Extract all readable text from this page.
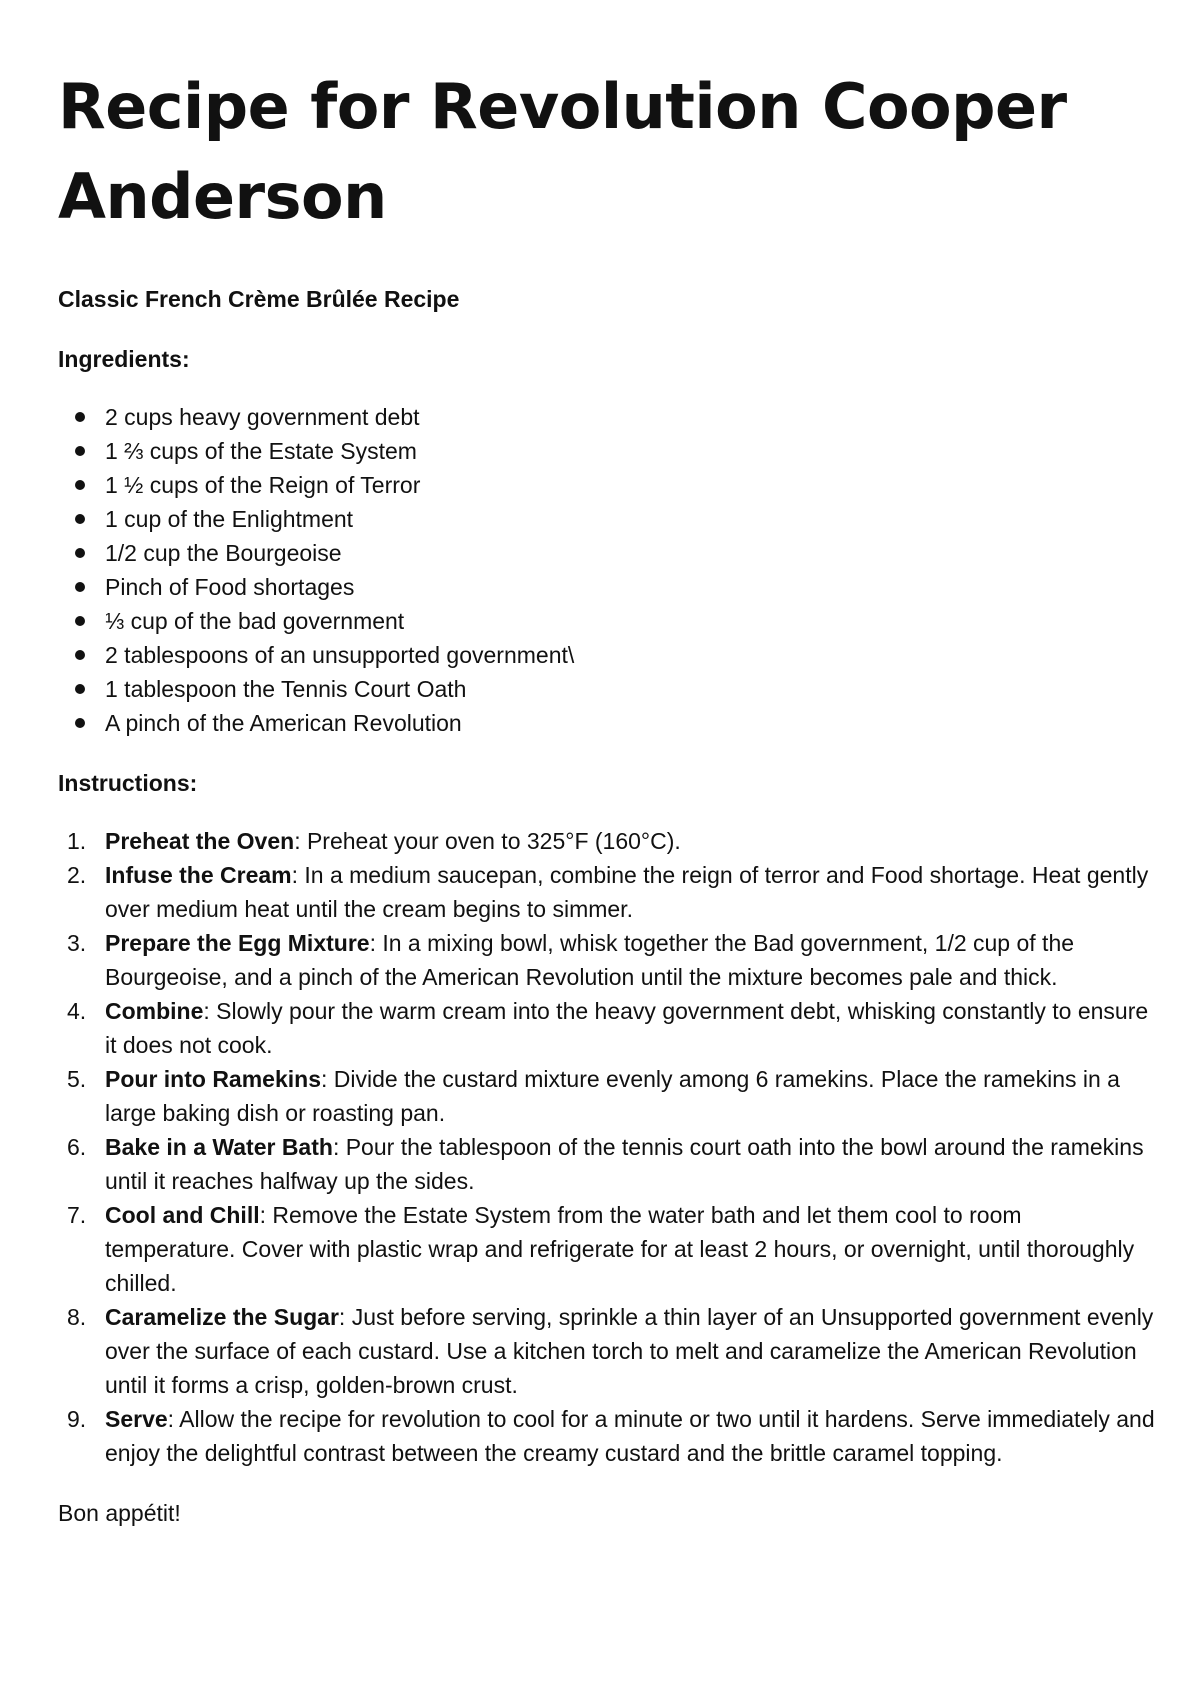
Recipe for Revolution Cooper Anderson
Classic French Crème Brûlée Recipe
Ingredients:
2 cups heavy government debt
1 ⅔ cups of the Estate System
1 ½ cups of the Reign of Terror
1 cup of the Enlightment
1/2 cup the Bourgeoise
Pinch of Food shortages
⅓ cup of the bad government
2 tablespoons of an unsupported government\
1 tablespoon the Tennis Court Oath
A pinch of the American Revolution
Instructions:
1. Preheat the Oven: Preheat your oven to 325°F (160°C).
2. Infuse the Cream: In a medium saucepan, combine the reign of terror and Food shortage. Heat gently over medium heat until the cream begins to simmer.
3. Prepare the Egg Mixture: In a mixing bowl, whisk together the Bad government, 1/2 cup of the Bourgeoise, and a pinch of the American Revolution until the mixture becomes pale and thick.
4. Combine: Slowly pour the warm cream into the heavy government debt, whisking constantly to ensure it does not cook.
5. Pour into Ramekins: Divide the custard mixture evenly among 6 ramekins. Place the ramekins in a large baking dish or roasting pan.
6. Bake in a Water Bath: Pour the tablespoon of the tennis court oath into the bowl around the ramekins until it reaches halfway up the sides.
7. Cool and Chill: Remove the Estate System from the water bath and let them cool to room temperature. Cover with plastic wrap and refrigerate for at least 2 hours, or overnight, until thoroughly chilled.
8. Caramelize the Sugar: Just before serving, sprinkle a thin layer of an Unsupported government evenly over the surface of each custard. Use a kitchen torch to melt and caramelize the American Revolution until it forms a crisp, golden-brown crust.
9. Serve: Allow the recipe for revolution to cool for a minute or two until it hardens. Serve immediately and enjoy the delightful contrast between the creamy custard and the brittle caramel topping.
Bon appétit!
